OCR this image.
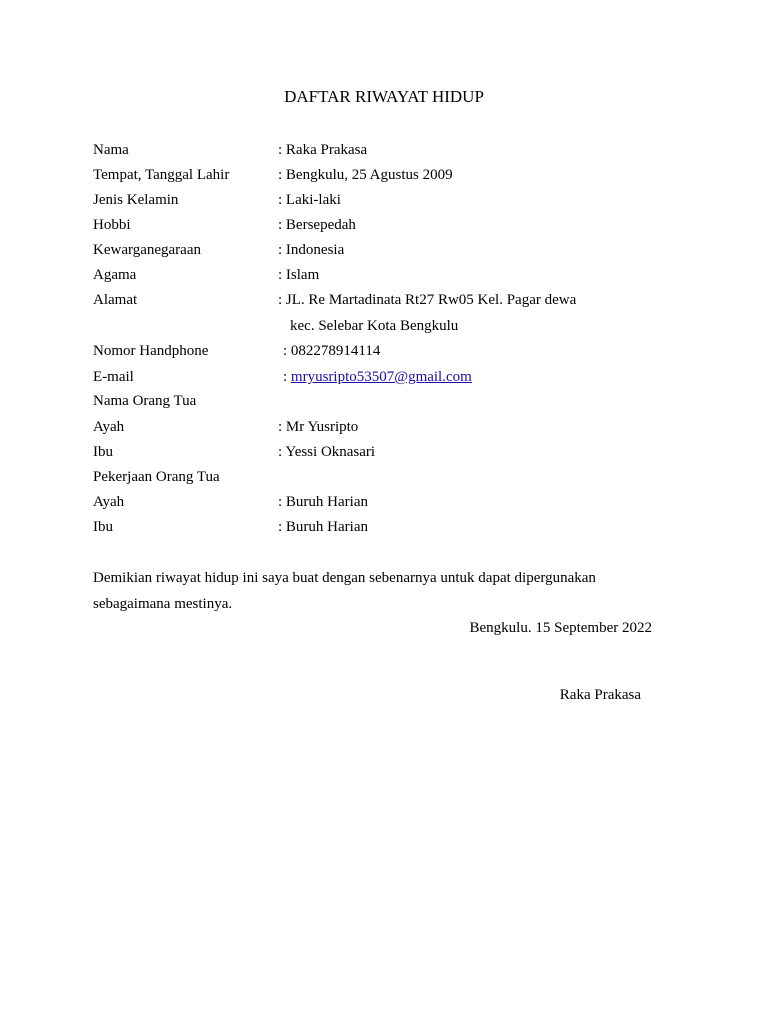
DAFTAR RIWAYAT HIDUP
Nama	: Raka Prakasa
Tempat, Tanggal Lahir	: Bengkulu, 25 Agustus 2009
Jenis Kelamin	: Laki-laki
Hobbi	: Bersepedah
Kewarganegaraan	: Indonesia
Agama	: Islam
Alamat	: JL. Re Martadinata Rt27 Rw05 Kel. Pagar dewa
kec. Selebar Kota Bengkulu
Nomor Handphone	: 082278914114
E-mail	: mryusripto53507@gmail.com
Nama Orang Tua
Ayah	: Mr Yusripto
Ibu	: Yessi Oknasari
Pekerjaan Orang Tua
Ayah	: Buruh Harian
Ibu	: Buruh Harian
Demikian riwayat hidup ini saya buat dengan sebenarnya untuk dapat dipergunakan
sebagaimana mestinya.
Bengkulu. 15 September 2022
Raka Prakasa
